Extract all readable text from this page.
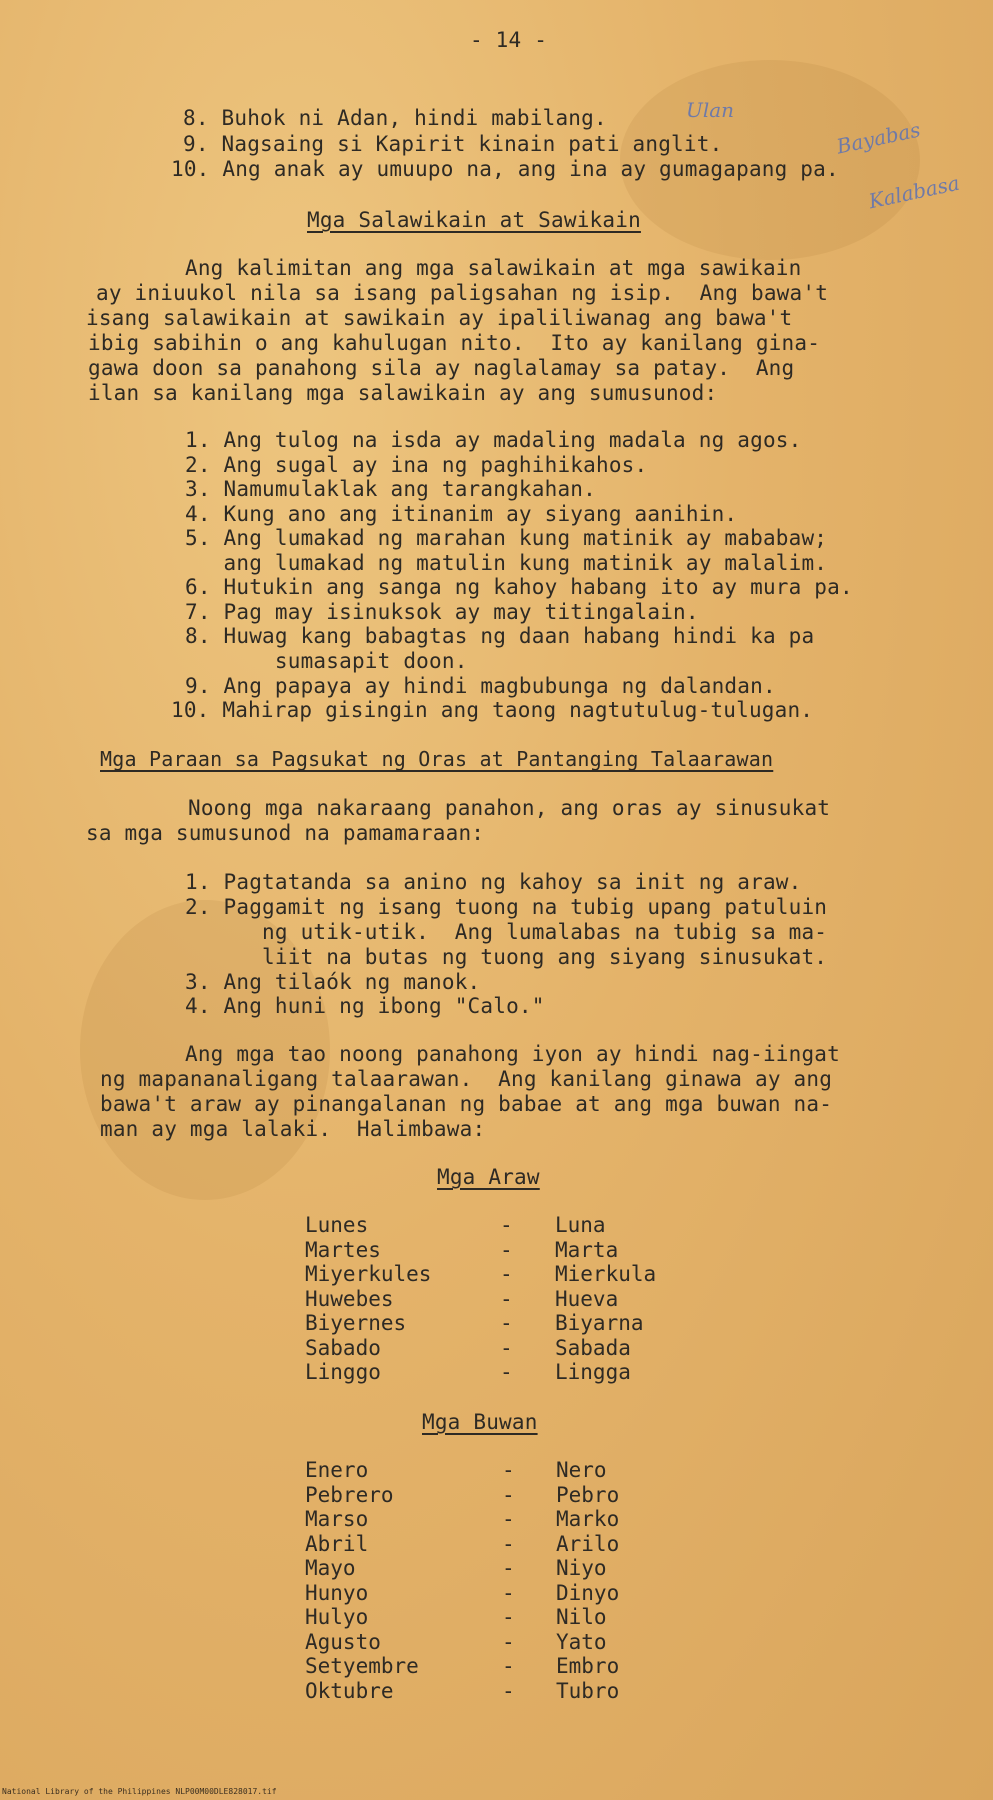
- 14 -
8. Buhok ni Adan, hindi mabilang.
9. Nagsaing si Kapirit kinain pati anglit.
10. Ang anak ay umuupo na, ang ina ay gumagapang pa.
Ulan
Bayabas
Kalabasa
Mga Salawikain at Sawikain
Ang kalimitan ang mga salawikain at mga sawikain
ay iniuukol nila sa isang paligsahan ng isip.  Ang bawa't
isang salawikain at sawikain ay ipaliliwanag ang bawa't
ibig sabihin o ang kahulugan nito.  Ito ay kanilang gina-
gawa doon sa panahong sila ay naglalamay sa patay.  Ang
ilan sa kanilang mga salawikain ay ang sumusunod:
1. Ang tulog na isda ay madaling madala ng agos.
2. Ang sugal ay ina ng paghihikahos.
3. Namumulaklak ang tarangkahan.
4. Kung ano ang itinanim ay siyang aanihin.
5. Ang lumakad ng marahan kung matinik ay mababaw;
ang lumakad ng matulin kung matinik ay malalim.
6. Hutukin ang sanga ng kahoy habang ito ay mura pa.
7. Pag may isinuksok ay may titingalain.
8. Huwag kang babagtas ng daan habang hindi ka pa
sumasapit doon.
9. Ang papaya ay hindi magbubunga ng dalandan.
10. Mahirap gisingin ang taong nagtutulug-tulugan.
Mga Paraan sa Pagsukat ng Oras at Pantanging Talaarawan
Noong mga nakaraang panahon, ang oras ay sinusukat
sa mga sumusunod na pamamaraan:
1. Pagtatanda sa anino ng kahoy sa init ng araw.
2. Paggamit ng isang tuong na tubig upang patuluin
ng utik-utik.  Ang lumalabas na tubig sa ma-
liit na butas ng tuong ang siyang sinusukat.
3. Ang tilaók ng manok.
4. Ang huni ng ibong "Calo."
Ang mga tao noong panahong iyon ay hindi nag-iingat
ng mapananaligang talaarawan.  Ang kanilang ginawa ay ang
bawa't araw ay pinangalanan ng babae at ang mga buwan na-
man ay mga lalaki.  Halimbawa:
Mga Araw
Mga Buwan
Lunes	- Luna
Martes	- Marta
Miyerkules	- Mierkula
Huwebes	- Hueva
Biyernes	- Biyarna
Sabado	- Sabada
Linggo	- Lingga
Enero	- Nero
Pebrero	- Pebro
Marso	- Marko
Abril	- Arilo
Mayo	- Niyo
Hunyo	- Dinyo
Hulyo	- Nilo
Agusto	- Yato
Setyembre	- Embro
Oktubre	- Tubro
National Library of the Philippines NLP00M00DLE828017.tif
